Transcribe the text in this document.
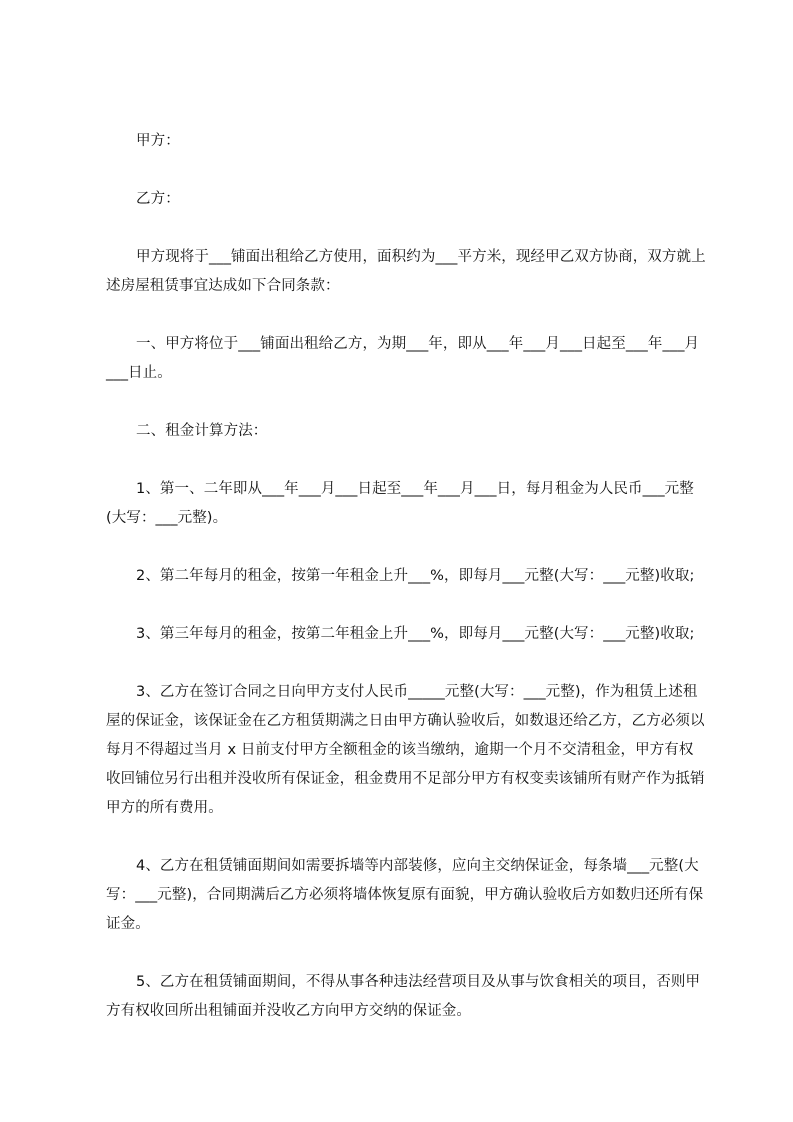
甲方：

乙方：

甲方现将于___铺面出租给乙方使用，面积约为___平方米，现经甲乙双方协商，双方就上述房屋租赁事宜达成如下合同条款：

一、甲方将位于___铺面出租给乙方，为期___年，即从___年___月___日起至___年___月___日止。

二、租金计算方法：

1、第一、二年即从___年___月___日起至___年___月___日，每月租金为人民币___元整(大写：___元整)。

2、第二年每月的租金，按第一年租金上升___%，即每月___元整(大写：___元整)收取;

3、第三年每月的租金，按第二年租金上升___%，即每月___元整(大写：___元整)收取;

3、乙方在签订合同之日向甲方支付人民币_____元整(大写：___元整)，作为租赁上述租屋的保证金，该保证金在乙方租赁期满之日由甲方确认验收后，如数退还给乙方，乙方必须以每月不得超过当月 x 日前支付甲方全额租金的该当缴纳，逾期一个月不交清租金，甲方有权收回铺位另行出租并没收所有保证金，租金费用不足部分甲方有权变卖该铺所有财产作为抵销甲方的所有费用。

4、乙方在租赁铺面期间如需要拆墙等内部装修，应向主交纳保证金，每条墙___元整(大写：___元整)，合同期满后乙方必须将墙体恢复原有面貌，甲方确认验收后方如数归还所有保证金。

5、乙方在租赁铺面期间，不得从事各种违法经营项目及从事与饮食相关的项目，否则甲方有权收回所出租铺面并没收乙方向甲方交纳的保证金。
